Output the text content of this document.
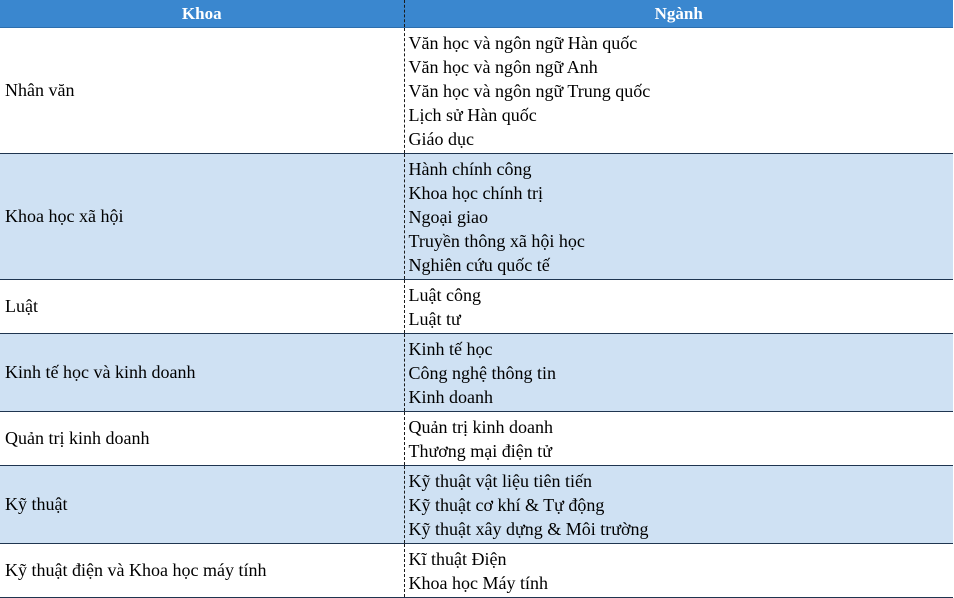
Khoa	Ngành
Nhân văn	Văn học và ngôn ngữ Hàn quốc
Văn học và ngôn ngữ Anh
Văn học và ngôn ngữ Trung quốc
Lịch sử Hàn quốc
Giáo dục

Khoa học xã hội	Hành chính công
Khoa học chính trị
Ngoại giao
Truyền thông xã hội học
Nghiên cứu quốc tế

Luật	Luật công
Luật tư

Kinh tế học và kinh doanh	Kinh tế học
Công nghệ thông tin
Kinh doanh

Quản trị kinh doanh	Quản trị kinh doanh
Thương mại điện tử

Kỹ thuật	Kỹ thuật vật liệu tiên tiến
Kỹ thuật cơ khí & Tự động
Kỹ thuật xây dựng & Môi trường

Kỹ thuật điện và Khoa học máy tính	Kĩ thuật Điện
Khoa học Máy tính
